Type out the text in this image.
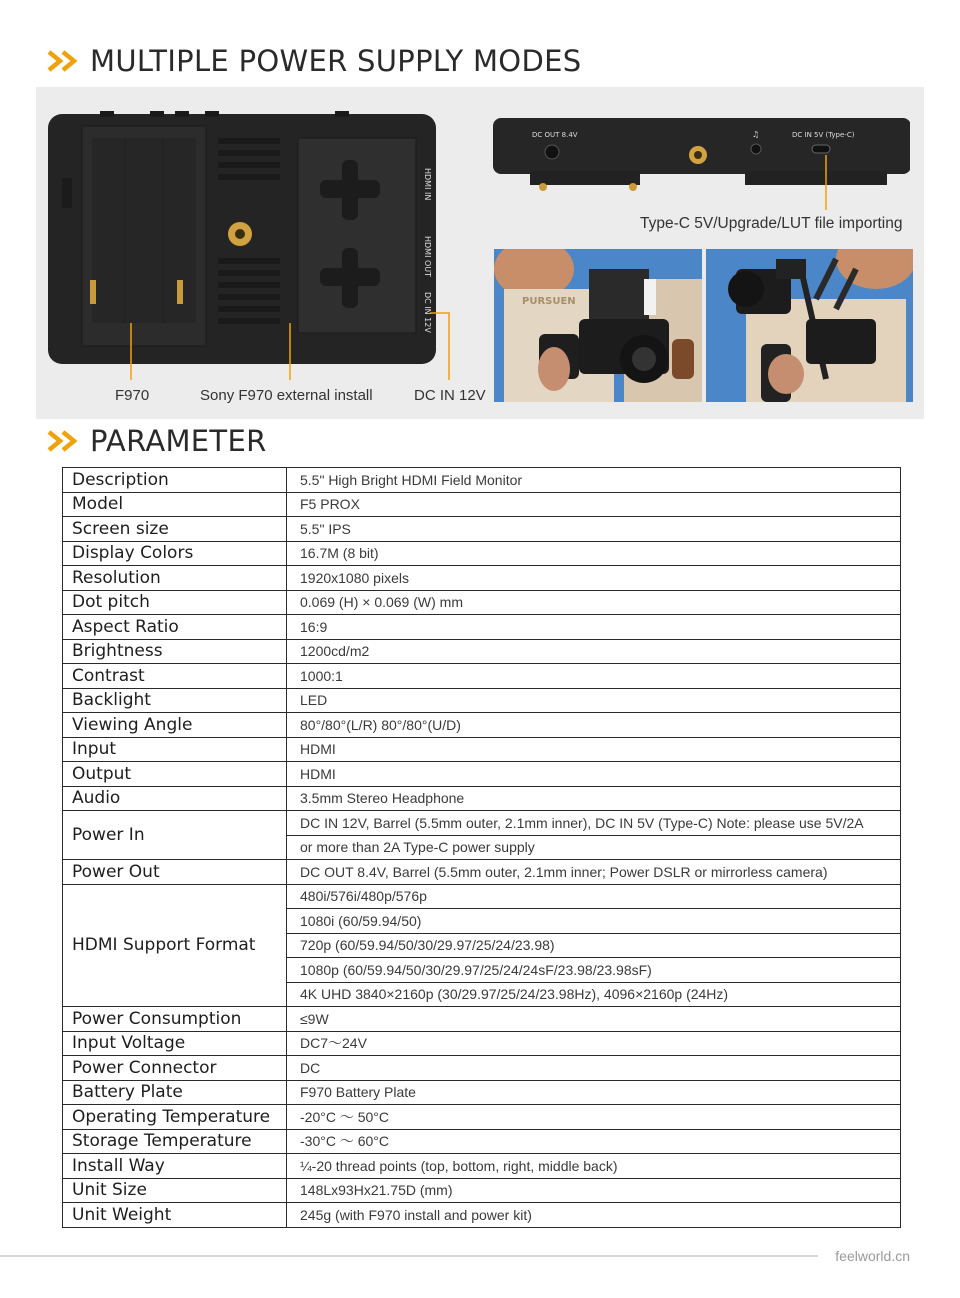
MULTIPLE POWER SUPPLY MODES
HDMI IN
HDMI OUT
DC IN 12V
F970	Sony F970 external install	DC IN 12V
DC OUT 8.4V	♫	DC IN 5V (Type-C)
Type-C 5V/Upgrade/LUT file importing
PURSUEN
PARAMETER
Description	5.5" High Bright HDMI Field Monitor
Model	F5 PROX
Screen size	5.5" IPS
Display Colors	16.7M (8 bit)
Resolution	1920x1080 pixels
Dot pitch	0.069 (H) × 0.069 (W) mm
Aspect Ratio	16:9
Brightness	1200cd/m2
Contrast	1000:1
Backlight	LED
Viewing Angle	80°/80°(L/R) 80°/80°(U/D)
Input	HDMI
Output	HDMI
Audio	3.5mm Stereo Headphone
Power In	DC IN 12V, Barrel (5.5mm outer, 2.1mm inner), DC IN 5V (Type-C) Note: please use 5V/2A
	or more than 2A Type-C power supply
Power Out	DC OUT 8.4V, Barrel (5.5mm outer, 2.1mm inner; Power DSLR or mirrorless camera)
HDMI Support Format	480i/576i/480p/576p
	1080i (60/59.94/50)
	720p (60/59.94/50/30/29.97/25/24/23.98)
	1080p (60/59.94/50/30/29.97/25/24/24sF/23.98/23.98sF)
	4K UHD 3840×2160p (30/29.97/25/24/23.98Hz), 4096×2160p (24Hz)
Power Consumption	≤9W
Input Voltage	DC7～24V
Power Connector	DC
Battery Plate	F970 Battery Plate
Operating Temperature	-20°C ～ 50°C
Storage Temperature	-30°C ～ 60°C
Install Way	¼-20 thread points (top, bottom, right, middle back)
Unit Size	148Lx93Hx21.75D (mm)
Unit Weight	245g (with F970 install and power kit)
feelworld.cn
